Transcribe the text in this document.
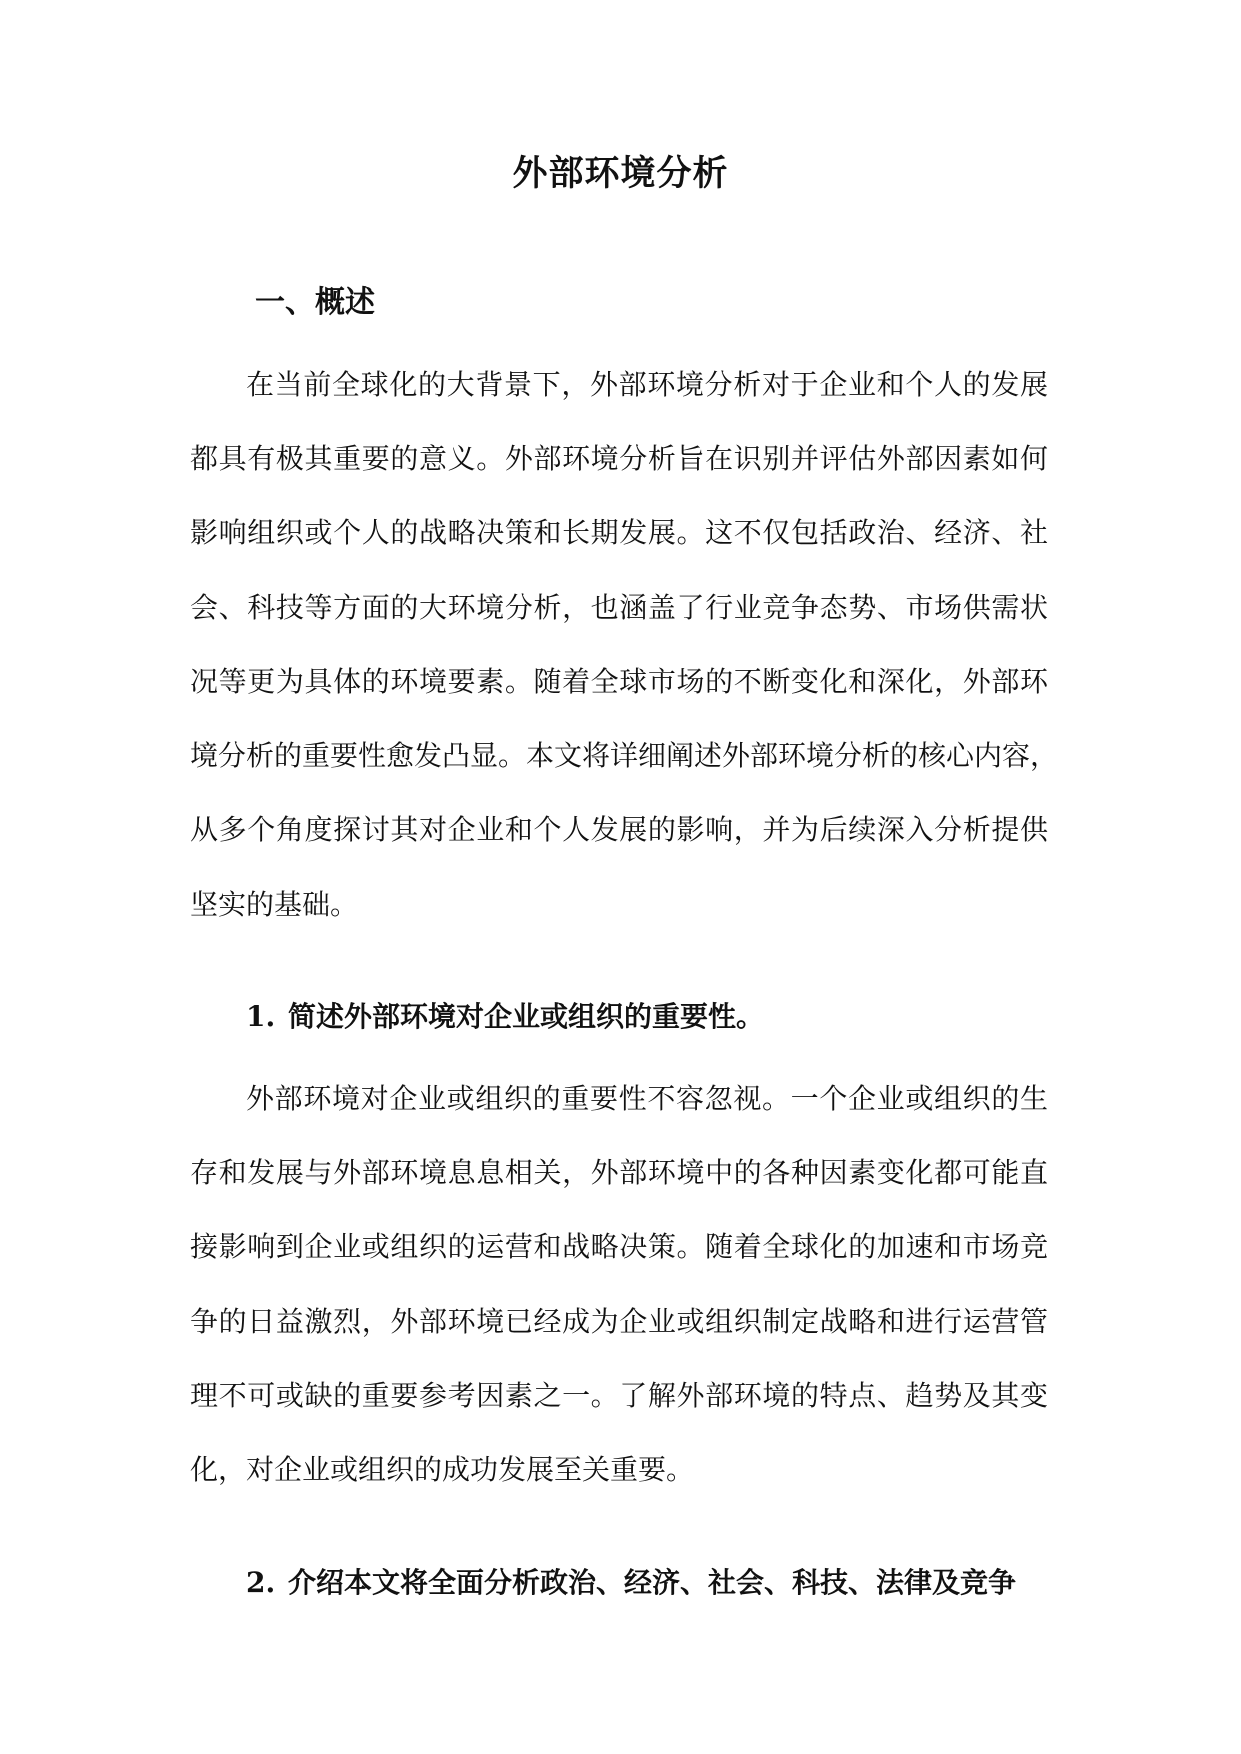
外部环境分析
一、概述

在当前全球化的大背景下，外部环境分析对于企业和个人的发展

都具有极其重要的意义。外部环境分析旨在识别并评估外部因素如何

影响组织或个人的战略决策和长期发展。这不仅包括政治、经济、社

会、科技等方面的大环境分析，也涵盖了行业竞争态势、市场供需状

况等更为具体的环境要素。随着全球市场的不断变化和深化，外部环

境分析的重要性愈发凸显。本文将详细阐述外部环境分析的核心内容，

从多个角度探讨其对企业和个人发展的影响，并为后续深入分析提供

坚实的基础。

1. 简述外部环境对企业或组织的重要性。

外部环境对企业或组织的重要性不容忽视。一个企业或组织的生

存和发展与外部环境息息相关，外部环境中的各种因素变化都可能直

接影响到企业或组织的运营和战略决策。随着全球化的加速和市场竞

争的日益激烈，外部环境已经成为企业或组织制定战略和进行运营管

理不可或缺的重要参考因素之一。了解外部环境的特点、趋势及其变

化，对企业或组织的成功发展至关重要。

2. 介绍本文将全面分析政治、经济、社会、科技、法律及竞争
